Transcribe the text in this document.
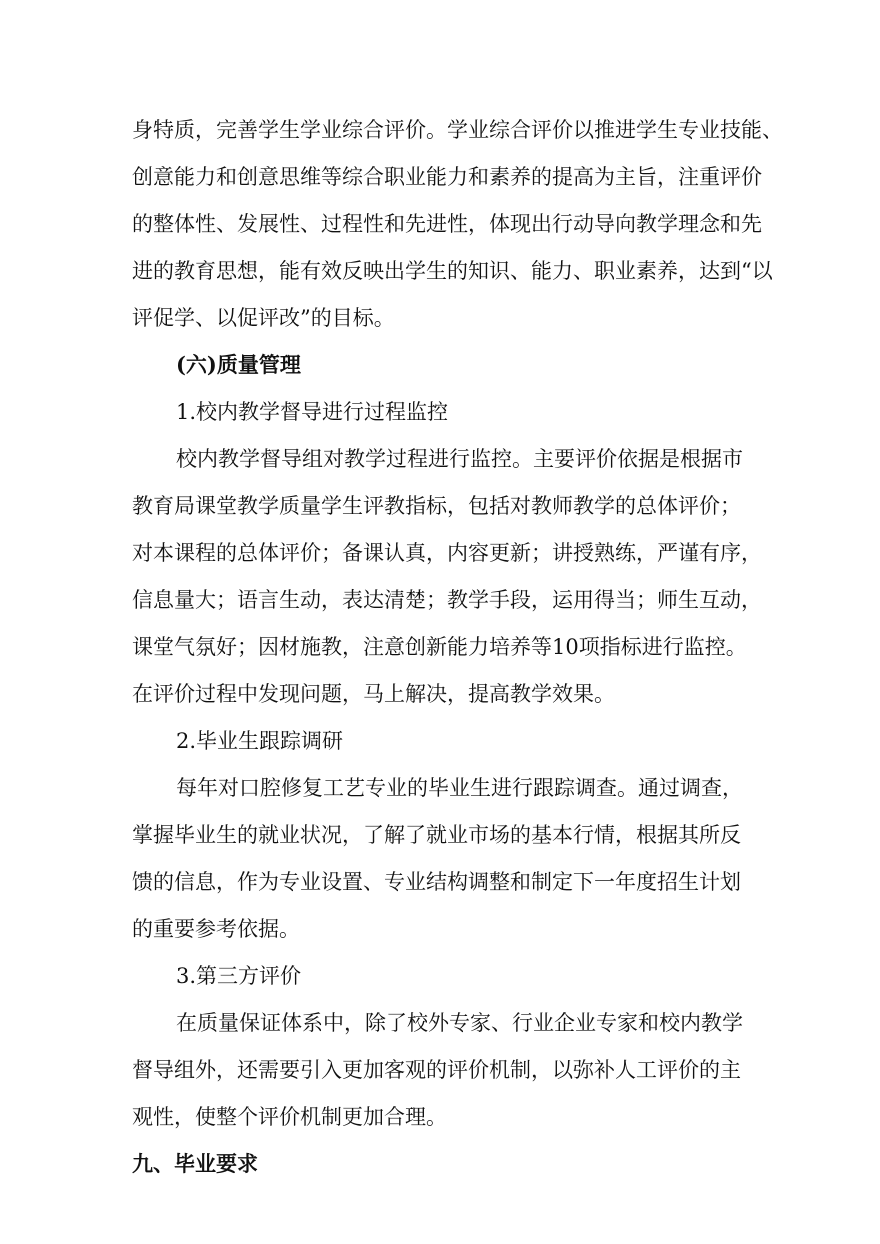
身特质，完善学生学业综合评价。学业综合评价以推进学生专业技能、
创意能力和创意思维等综合职业能力和素养的提高为主旨，注重评价
的整体性、发展性、过程性和先进性，体现出行动导向教学理念和先
进的教育思想，能有效反映出学生的知识、能力、职业素养，达到“以
评促学、以促评改”的目标。
(六)质量管理
1.校内教学督导进行过程监控
校内教学督导组对教学过程进行监控。主要评价依据是根据市
教育局课堂教学质量学生评教指标，包括对教师教学的总体评价；
对本课程的总体评价；备课认真，内容更新；讲授熟练，严谨有序，
信息量大；语言生动，表达清楚；教学手段，运用得当；师生互动，
课堂气氛好；因材施教，注意创新能力培养等10项指标进行监控。
在评价过程中发现问题，马上解决，提高教学效果。
2.毕业生跟踪调研
每年对口腔修复工艺专业的毕业生进行跟踪调查。通过调查，
掌握毕业生的就业状况，了解了就业市场的基本行情，根据其所反
馈的信息，作为专业设置、专业结构调整和制定下一年度招生计划
的重要参考依据。
3.第三方评价
在质量保证体系中，除了校外专家、行业企业专家和校内教学
督导组外，还需要引入更加客观的评价机制，以弥补人工评价的主
观性，使整个评价机制更加合理。
九、毕业要求
